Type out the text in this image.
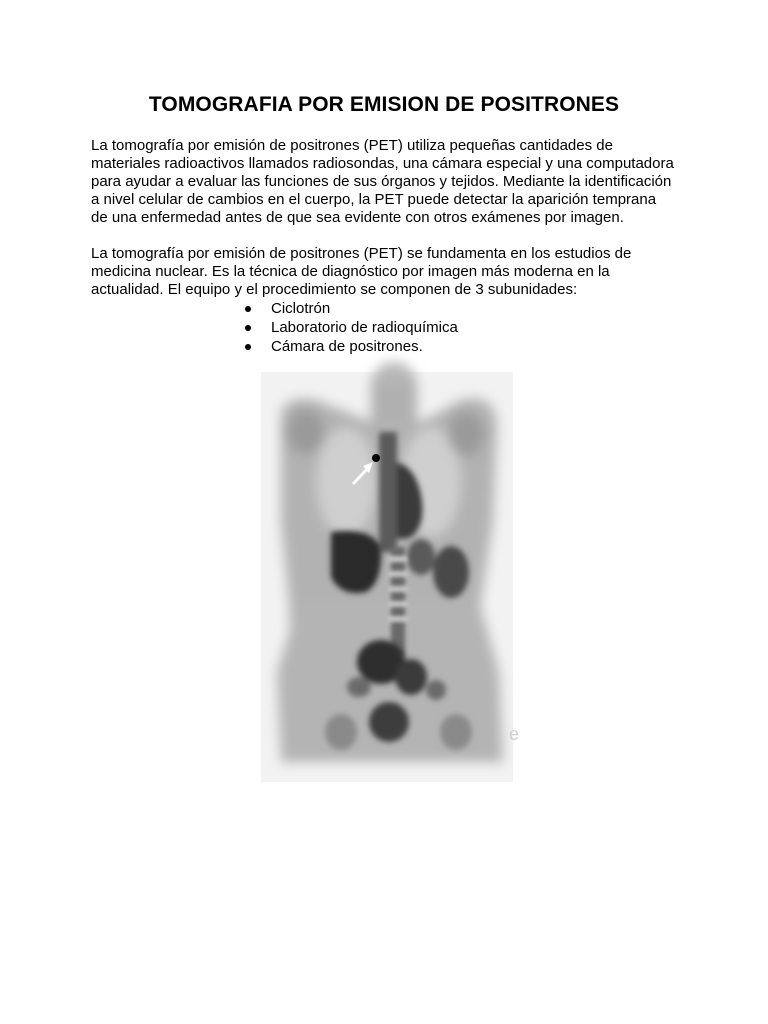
TOMOGRAFIA POR EMISION DE POSITRONES
La tomografía por emisión de positrones (PET) utiliza pequeñas cantidades de
materiales radioactivos llamados radiosondas, una cámara especial y una computadora
para ayudar a evaluar las funciones de sus órganos y tejidos. Mediante la identificación
a nivel celular de cambios en el cuerpo, la PET puede detectar la aparición temprana
de una enfermedad antes de que sea evidente con otros exámenes por imagen.
La tomografía por emisión de positrones (PET) se fundamenta en los estudios de
medicina nuclear. Es la técnica de diagnóstico por imagen más moderna en la
actualidad. El equipo y el procedimiento se componen de 3 subunidades:
Ciclotrón
Laboratorio de radioquímica
Cámara de positrones.
e
